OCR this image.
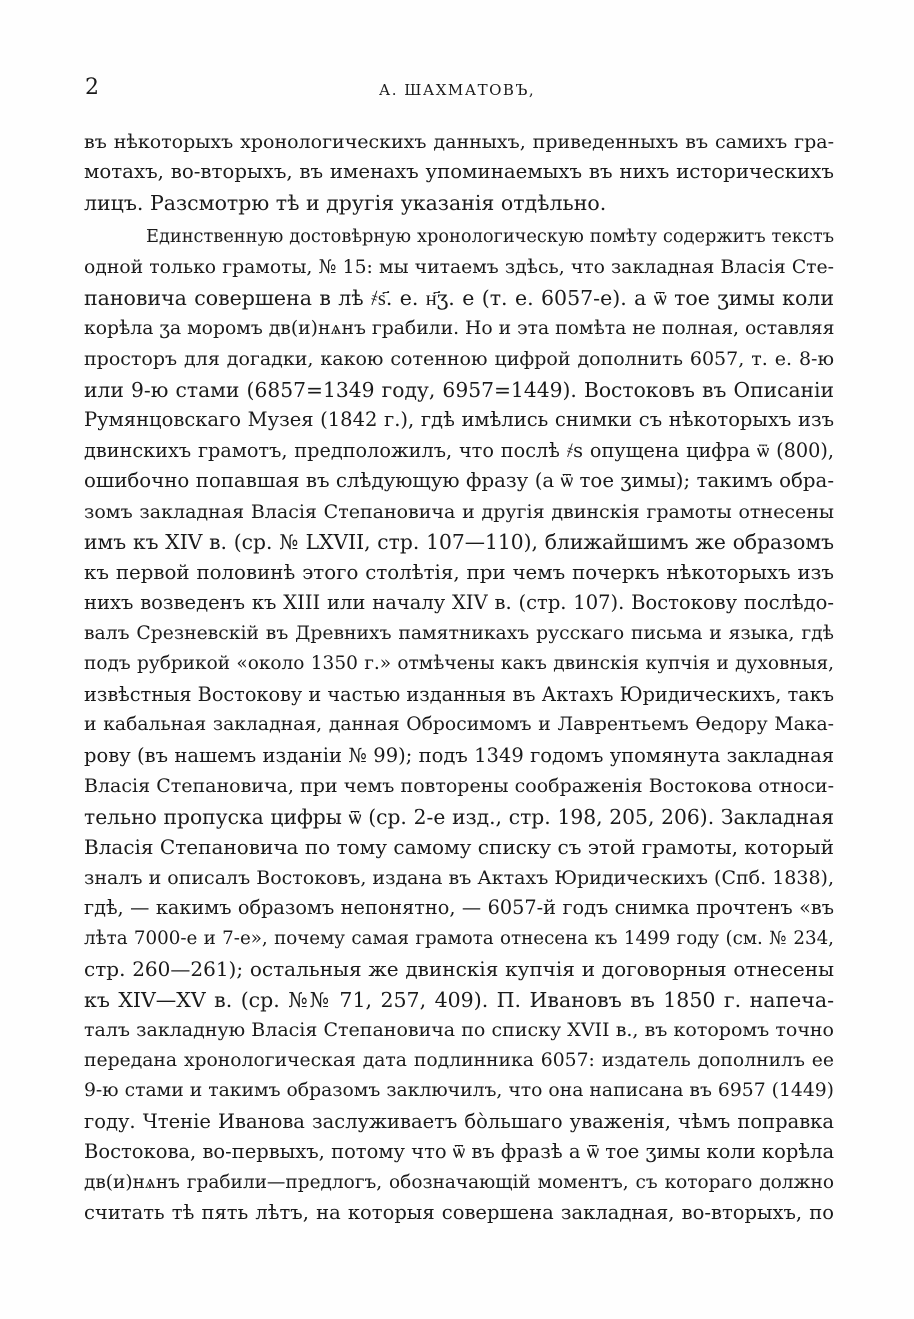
2	А. ШАХМАТОВЪ,
въ нѣкоторыхъ хронологическихъ данныхъ, приведенныхъ въ самихъ гра-
мотахъ, во-вторыхъ, въ именахъ упоминаемыхъ въ нихъ историческихъ
лицъ. Разсмотрю тѣ и другія указанія отдѣльно.
Единственную достовѣрную хронологическую помѣту содержитъ текстъ
одной только грамоты, № 15: мы читаемъ здѣсь, что закладная Власія Сте-
пановича совершена в лѣ ҂ѕ҃. е. н҃ӡ. е (т. е. 6057-е). а ѿ тое ӡимы коли
корѣла ӡа моромъ дв(и)нѧнъ грабили. Но и эта помѣта не полная, оставляя
просторъ для догадки, какою сотенною цифрой дополнить 6057, т. е. 8-ю
или 9-ю стами (6857=1349 году, 6957=1449). Востоковъ въ Описаніи
Румянцовскаго Музея (1842 г.), гдѣ имѣлись снимки съ нѣкоторыхъ изъ
двинскихъ грамотъ, предположилъ, что послѣ ҂ѕ опущена цифра ѿ (800),
ошибочно попавшая въ слѣдующую фразу (а ѿ тое ӡимы); такимъ обра-
зомъ закладная Власія Степановича и другія двинскія грамоты отнесены
имъ къ XIV в. (ср. № LXVII, стр. 107—110), ближайшимъ же образомъ
къ первой половинѣ этого столѣтія, при чемъ почеркъ нѣкоторыхъ изъ
нихъ возведенъ къ XIII или началу XIV в. (стр. 107). Востокову послѣдо-
валъ Срезневскій въ Древнихъ памятникахъ русскаго письма и языка, гдѣ
подъ рубрикой «около 1350 г.» отмѣчены какъ двинскія купчія и духовныя,
извѣстныя Востокову и частью изданныя въ Актахъ Юридическихъ, такъ
и кабальная закладная, данная Обросимомъ и Лаврентьемъ Ѳедору Мака-
рову (въ нашемъ изданіи № 99); подъ 1349 годомъ упомянута закладная
Власія Степановича, при чемъ повторены соображенія Востокова относи-
тельно пропуска цифры ѿ (ср. 2-е изд., стр. 198, 205, 206). Закладная
Власія Степановича по тому самому списку съ этой грамоты, который
зналъ и описалъ Востоковъ, издана въ Актахъ Юридическихъ (Спб. 1838),
гдѣ, — какимъ образомъ непонятно, — 6057-й годъ снимка прочтенъ «въ
лѣта 7000-е и 7-е», почему самая грамота отнесена къ 1499 году (см. № 234,
стр. 260—261); остальныя же двинскія купчія и договорныя отнесены
къ XIV—XV в. (ср. №№ 71, 257, 409). П. Ивановъ въ 1850 г. напеча-
талъ закладную Власія Степановича по списку XVII в., въ которомъ точно
передана хронологическая дата подлинника 6057: издатель дополнилъ ее
9-ю стами и такимъ образомъ заключилъ, что она написана въ 6957 (1449)
году. Чтеніе Иванова заслуживаетъ бо̀льшаго уваженія, чѣмъ поправка
Востокова, во-первыхъ, потому что ѿ въ фразѣ а ѿ тое ӡимы коли корѣла
дв(и)нѧнъ грабили—предлогъ, обозначающій моментъ, съ котораго должно
считать тѣ пять лѣтъ, на которыя совершена закладная, во-вторыхъ, по
